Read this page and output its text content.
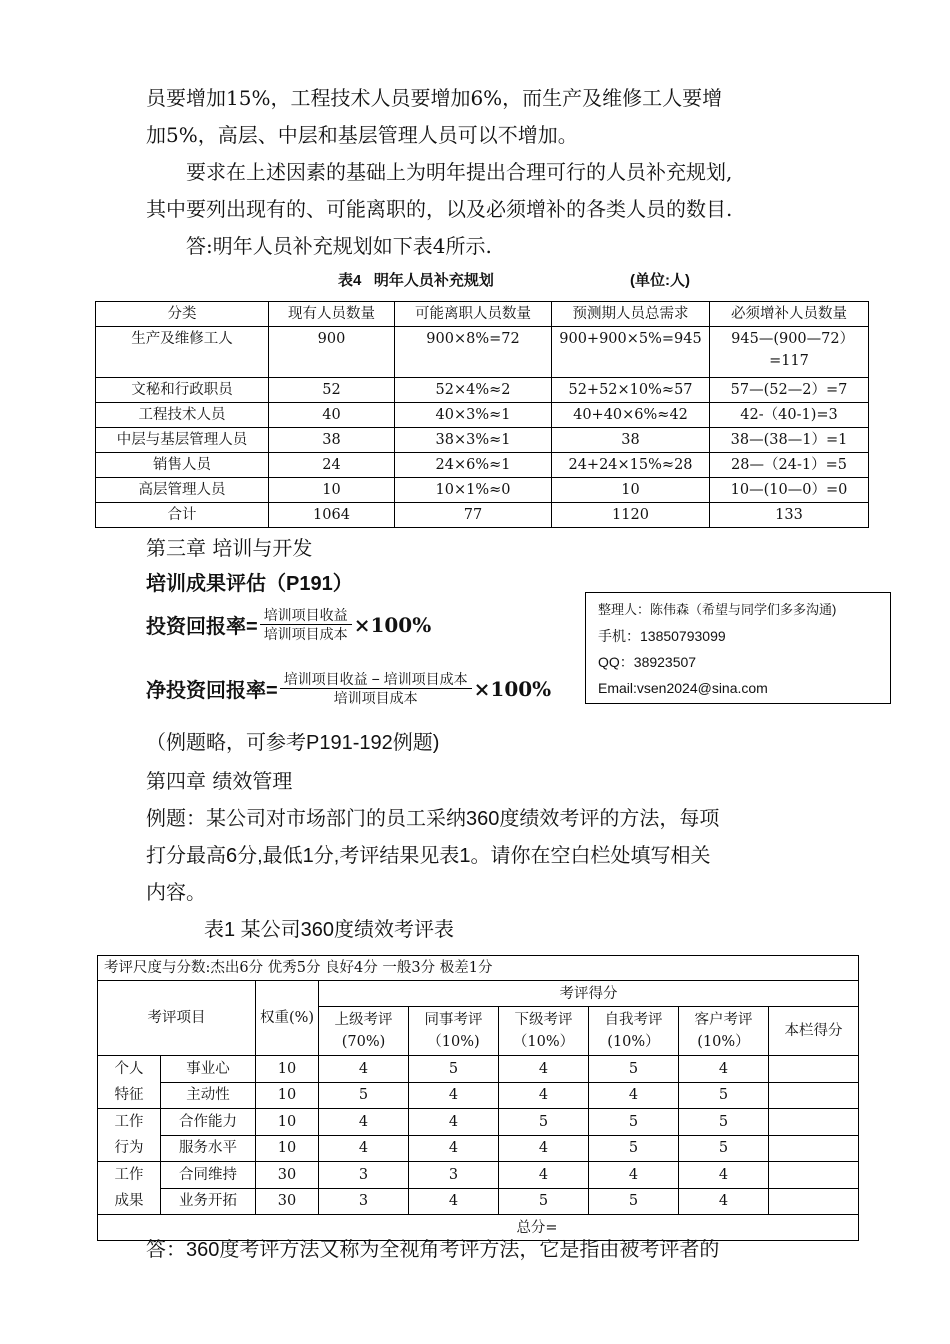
员要增加15%，工程技术人员要增加6%，而生产及维修工人要增
加5%，高层、中层和基层管理人员可以不增加。
要求在上述因素的基础上为明年提出合理可行的人员补充规划,
其中要列出现有的、可能离职的，以及必须增补的各类人员的数目.
答:明年人员补充规划如下表4所示.
表4   明年人员补充规划	(单位:人)
分类	现有人员数量	可能离职人员数量	预测期人员总需求	必须增补人员数量
生产及维修工人	900	900×8%=72	900+900×5%=945	945—(900—72）=117
文秘和行政职员	52	52×4%≈2	52+52×10%≈57	57—(52—2）=7
工程技术人员	40	40×3%≈1	40+40×6%≈42	42-（40-1)=3
中层与基层管理人员	38	38×3%≈1	38	38—(38—1）=1
销售人员	24	24×6%≈1	24+24×15%≈28	28—（24-1）=5
高层管理人员	10	10×1%≈0	10	10—(10—0）=0
合计	1064	77	1120	133
第三章 培训与开发
培训成果评估（P191）
投资回报率= $\frac{\text{培训项目收益}}{\text{培训项目成本}} \times 100\%$
净投资回报率= $\frac{\text{培训项目收益 − 培训项目成本}}{\text{培训项目成本}} \times 100\%$
（例题略，可参考P191-192例题)
整理人：陈伟森（希望与同学们多多沟通)
手机：13850793099
QQ：38923507
Email:vsen2024@sina.com
第四章 绩效管理
例题：某公司对市场部门的员工采纳360度绩效考评的方法，每项
打分最高6分,最低1分,考评结果见表1。请你在空白栏处填写相关
内容。
表1 某公司360度绩效考评表
考评尺度与分数:杰出6分 优秀5分 良好4分 一般3分 极差1分								
考评项目		权重(%)	考评得分					
			上级考评(70%)	同事考评（10%)	下级考评（10%）	自我考评(10%）	客户考评(10%）	本栏得分
个人特征	事业心	10	4	5	4	5	4	
	主动性	10	5	4	4	4	5	
工作行为	合作能力	10	4	4	5	5	5	
	服务水平	10	4	4	4	5	5	
工作成果	合同维持	30	3	3	4	4	4	
	业务开拓	30	3	4	5	5	4	
总分=								
答：360度考评方法又称为全视角考评方法，它是指由被考评者的
